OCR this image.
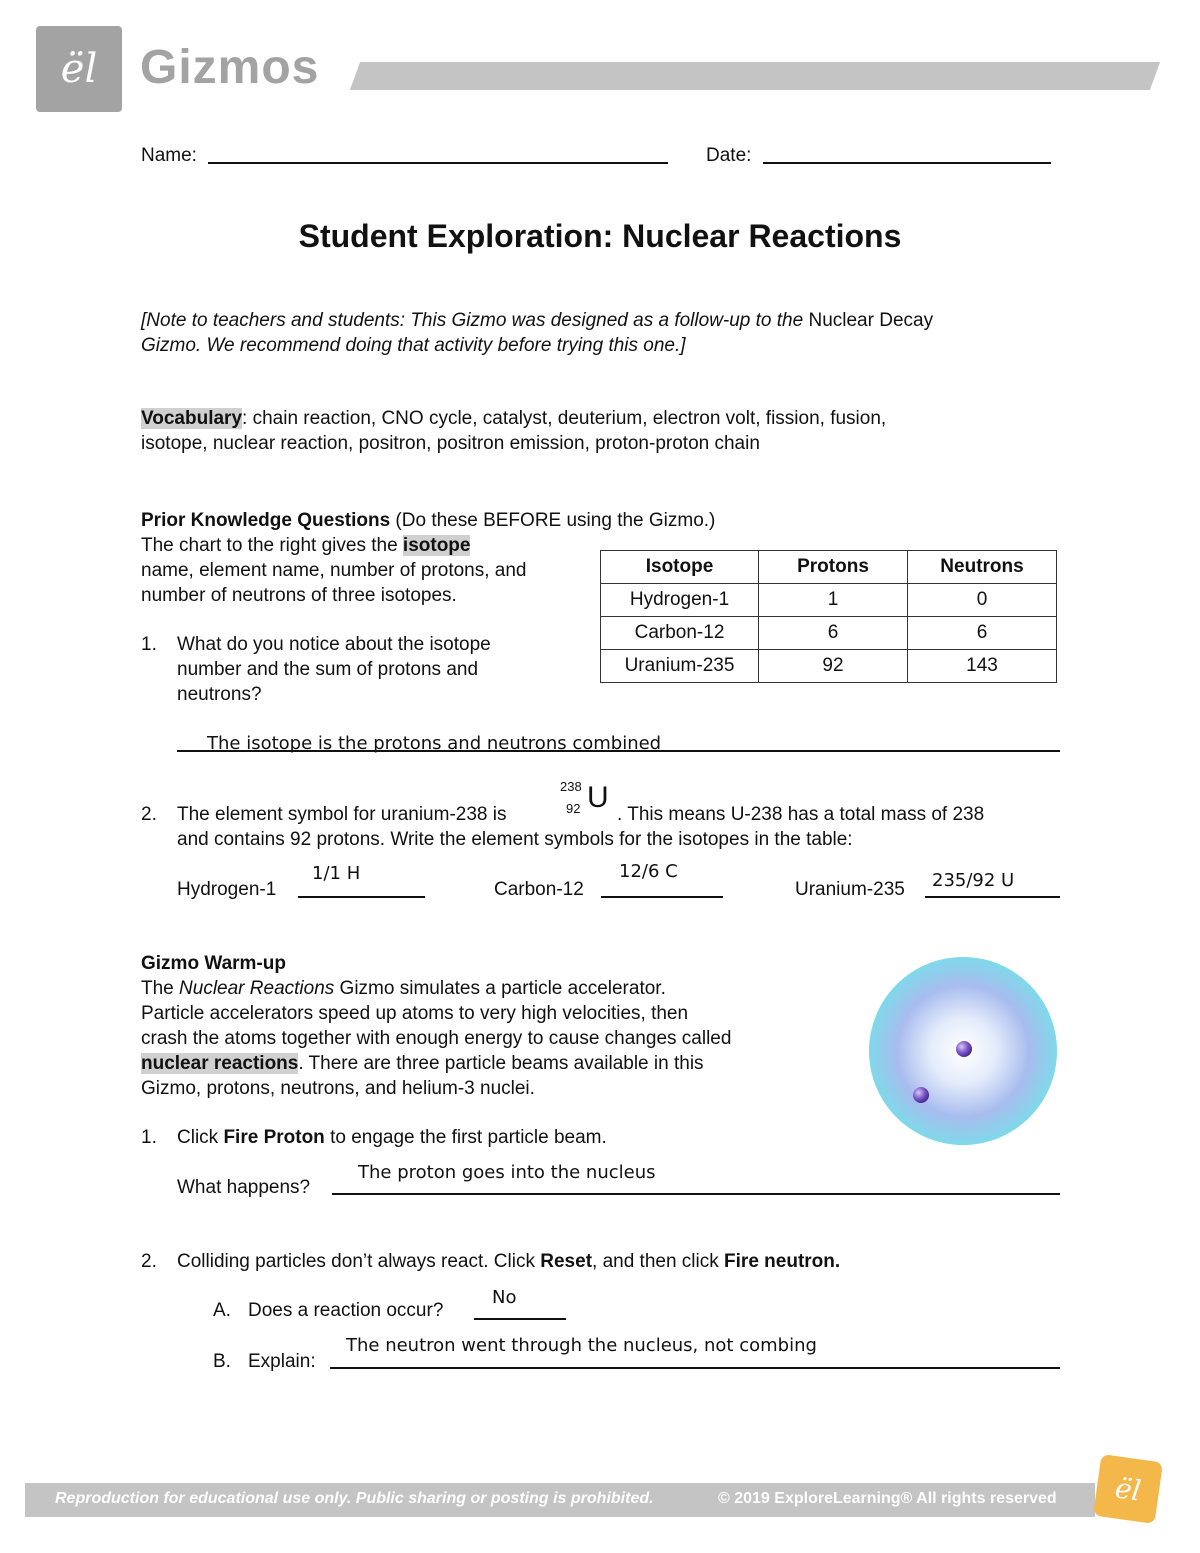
ël Gizmos
Name:	Date:
Student Exploration: Nuclear Reactions
[Note to teachers and students: This Gizmo was designed as a follow-up to the Nuclear Decay
Gizmo. We recommend doing that activity before trying this one.]
Vocabulary: chain reaction, CNO cycle, catalyst, deuterium, electron volt, fission, fusion,
isotope, nuclear reaction, positron, positron emission, proton-proton chain
Prior Knowledge Questions (Do these BEFORE using the Gizmo.)
The chart to the right gives the isotope
name, element name, number of protons, and
number of neutrons of three isotopes.
Isotope	Protons	Neutrons
Hydrogen-1	1	0
Carbon-12	6	6
Uranium-235	92	143
1. What do you notice about the isotope
number and the sum of protons and
neutrons?
The isotope is the protons and neutrons combined
2. The element symbol for uranium-238 is
238
92 U
. This means U-238 has a total mass of 238
and contains 92 protons. Write the element symbols for the isotopes in the table:
Hydrogen-1
1/1 H
Carbon-12
12/6 C
Uranium-235 235/92 U
Gizmo Warm-up
The Nuclear Reactions Gizmo simulates a particle accelerator.
Particle accelerators speed up atoms to very high velocities, then
crash the atoms together with enough energy to cause changes called
nuclear reactions. There are three particle beams available in this
Gizmo, protons, neutrons, and helium-3 nuclei.
1. Click Fire Proton to engage the first particle beam.
What happens?
The proton goes into the nucleus
2. Colliding particles don’t always react. Click Reset, and then click Fire neutron.
A. Does a reaction occur?
No
B. Explain:
The neutron went through the nucleus, not combing
Reproduction for educational use only. Public sharing or posting is prohibited.	© 2019 ExploreLearning® All rights reserved ël
